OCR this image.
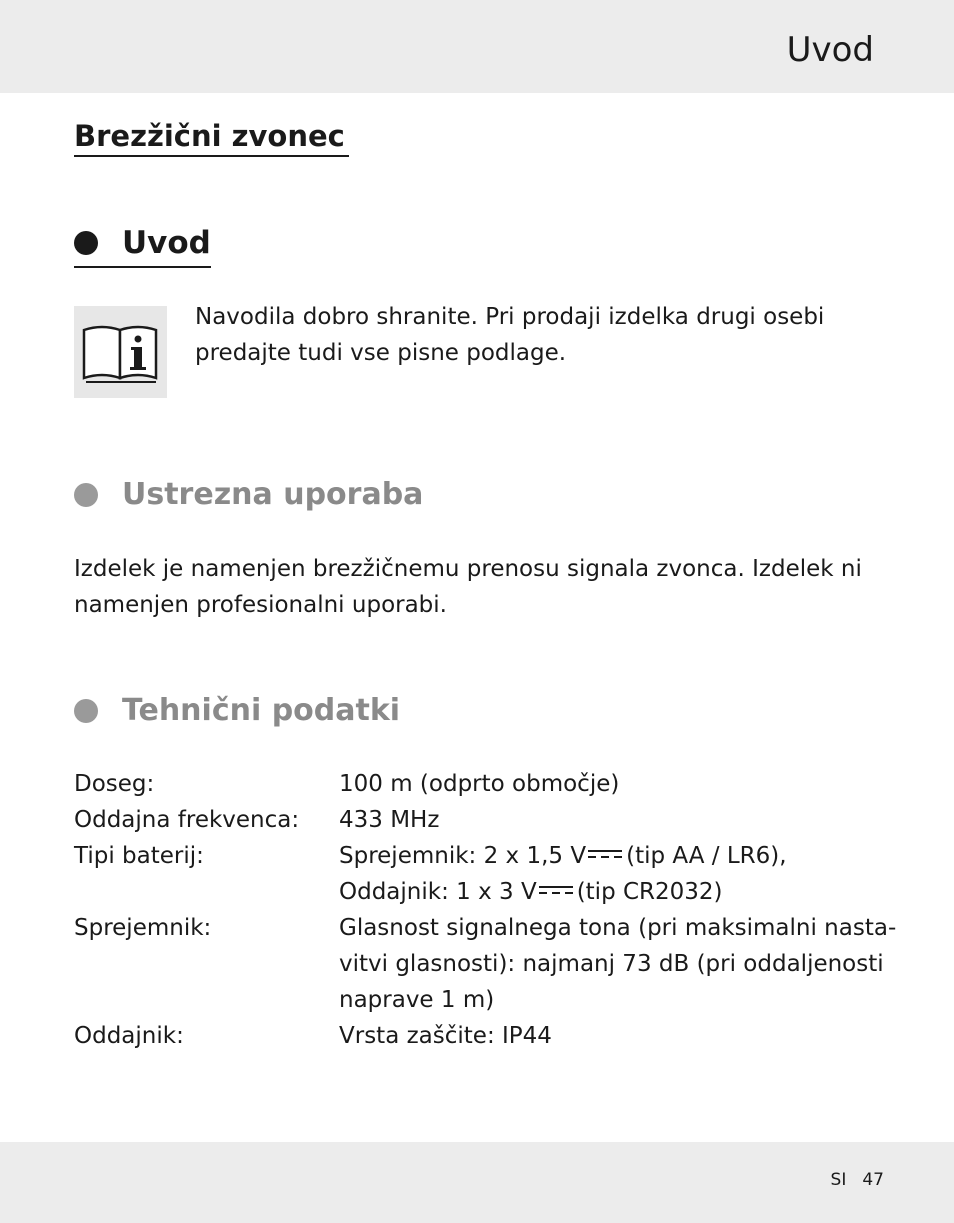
Uvod
Brezžični zvonec
Uvod
Navodila dobro shranite. Pri prodaji izdelka drugi osebi
predajte tudi vse pisne podlage.
Ustrezna uporaba
Izdelek je namenjen brezžičnemu prenosu signala zvonca. Izdelek ni
namenjen profesionalni uporabi.
Tehnični podatki
Doseg:	100 m (odprto območje)
Oddajna frekvenca: 433 MHz
Tipi baterij:	Sprejemnik: 2 x 1,5 V (tip AA / LR6),
Oddajnik: 1 x 3 V (tip CR2032)
Sprejemnik:	Glasnost signalnega tona (pri maksimalni nasta-
vitvi glasnosti): najmanj 73 dB (pri oddaljenosti
naprave 1 m)
Oddajnik:	Vrsta zaščite: IP44
SI 47
